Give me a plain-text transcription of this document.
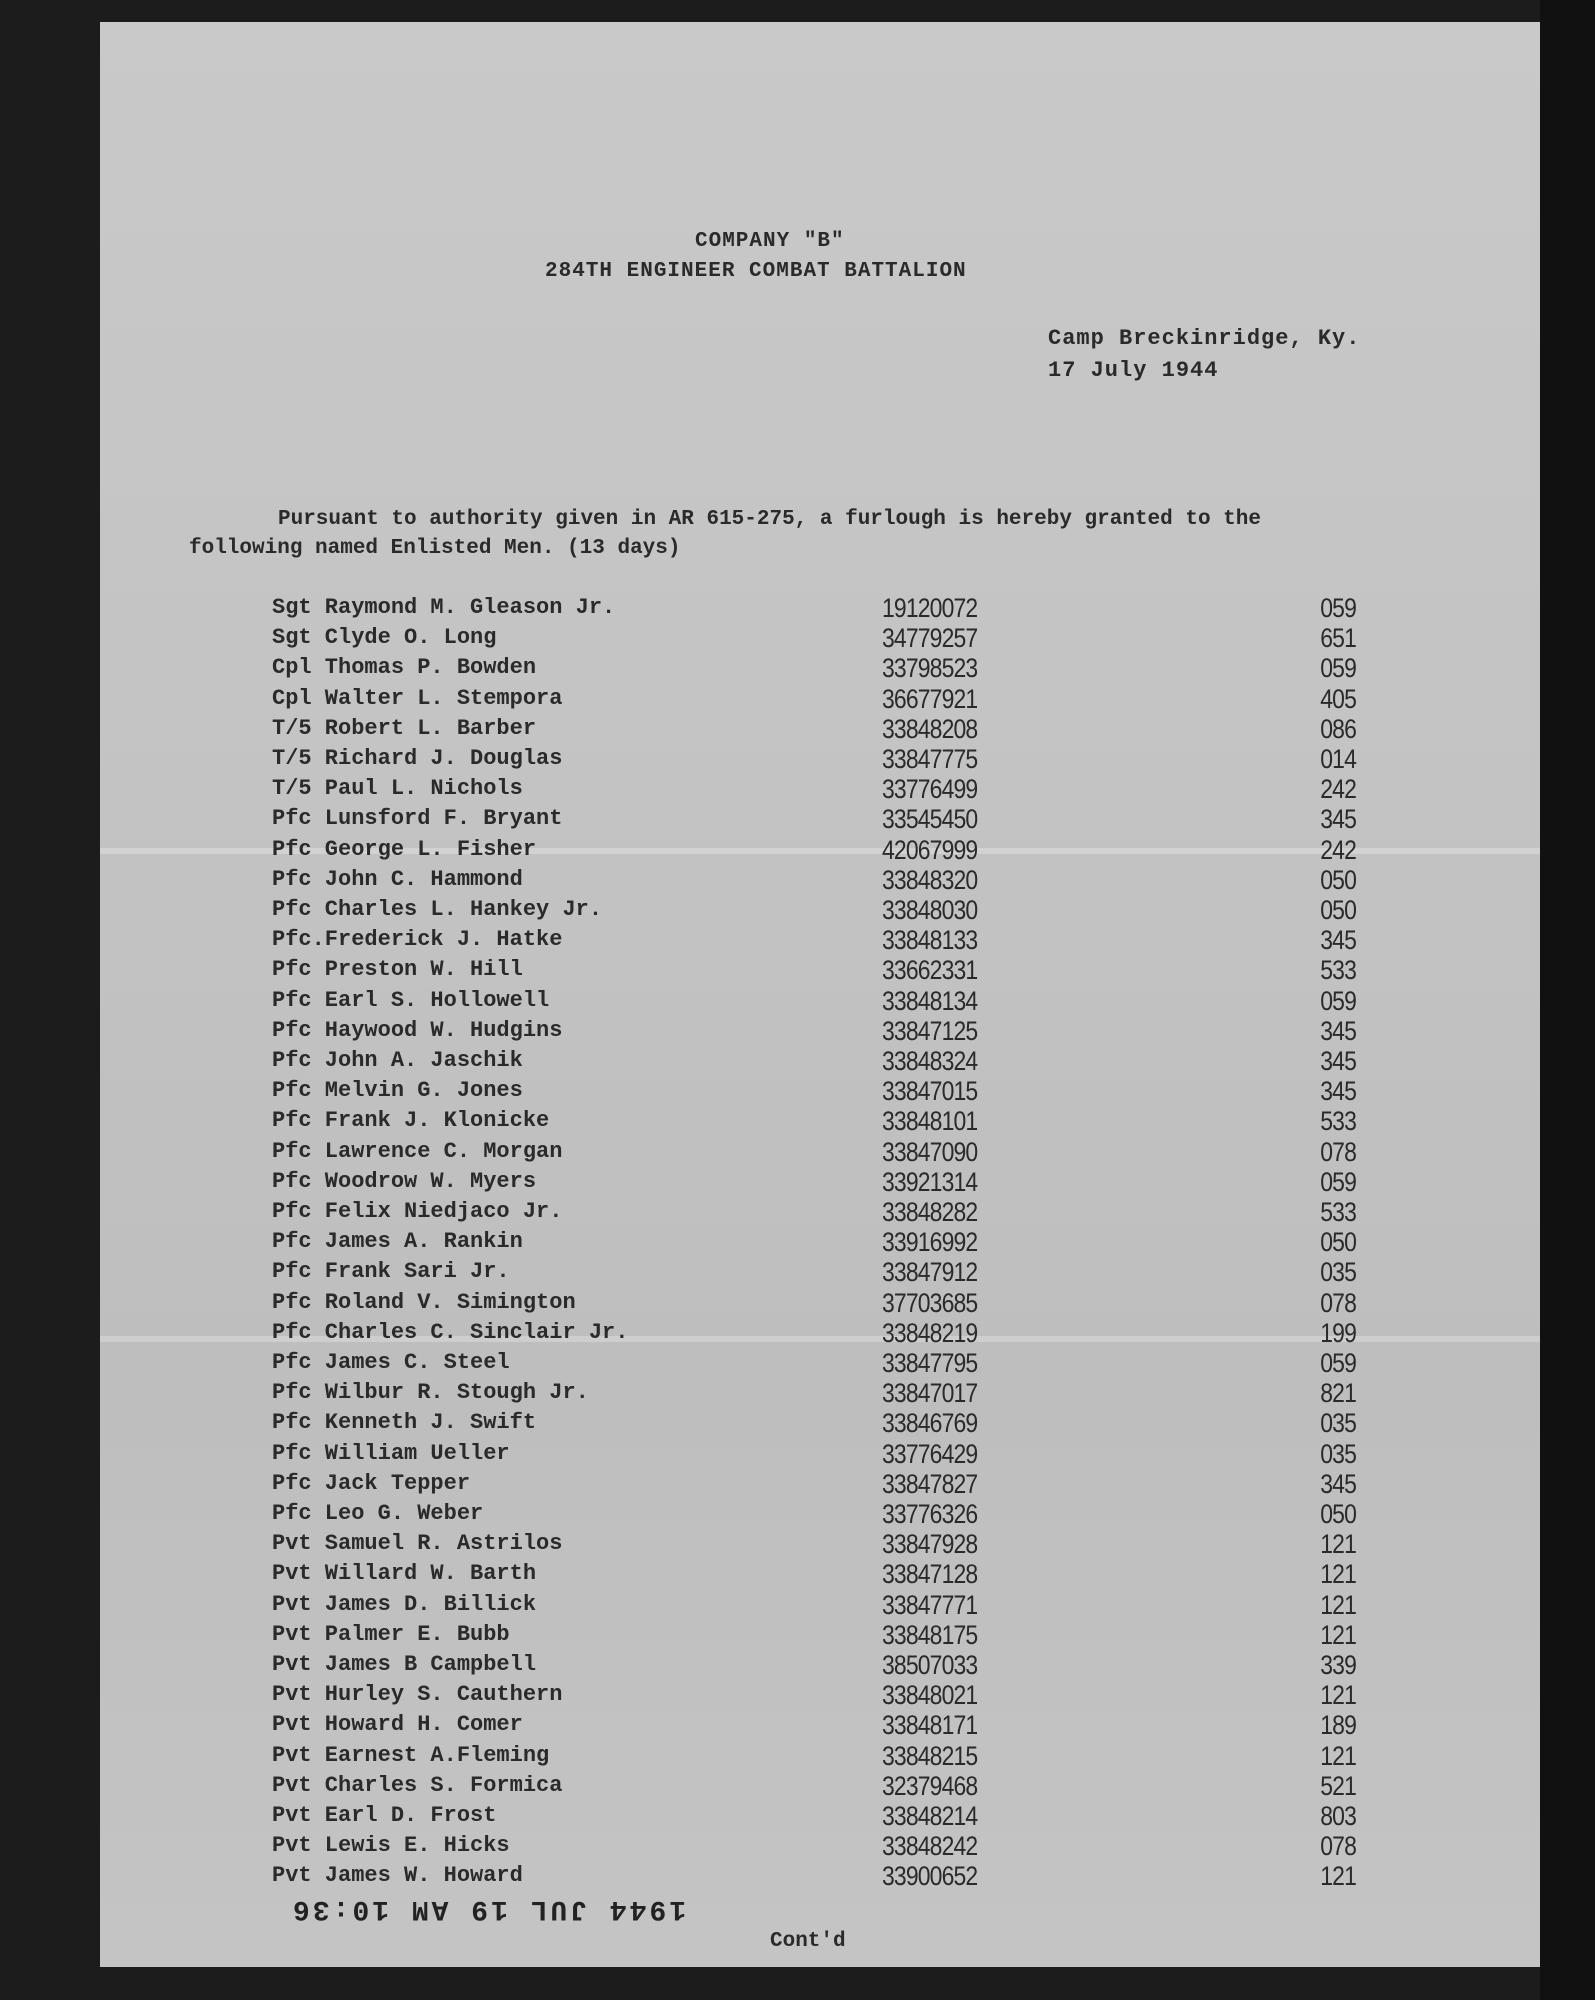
COMPANY "B"
284TH ENGINEER COMBAT BATTALION
Camp Breckinridge, Ky.
17 July 1944
Pursuant to authority given in AR 615-275, a furlough is hereby granted to the
following named Enlisted Men. (13 days)
Sgt Raymond M. Gleason Jr.	19120072	059
Sgt Clyde O. Long	34779257	651
Cpl Thomas P. Bowden	33798523	059
Cpl Walter L. Stempora	36677921	405
T/5 Robert L. Barber	33848208	086
T/5 Richard J. Douglas	33847775	014
T/5 Paul L. Nichols	33776499	242
Pfc Lunsford F. Bryant	33545450	345
Pfc George L. Fisher	42067999	242
Pfc John C. Hammond	33848320	050
Pfc Charles L. Hankey Jr.	33848030	050
Pfc.Frederick J. Hatke	33848133	345
Pfc Preston W. Hill	33662331	533
Pfc Earl S. Hollowell	33848134	059
Pfc Haywood W. Hudgins	33847125	345
Pfc John A. Jaschik	33848324	345
Pfc Melvin G. Jones	33847015	345
Pfc Frank J. Klonicke	33848101	533
Pfc Lawrence C. Morgan	33847090	078
Pfc Woodrow W. Myers	33921314	059
Pfc Felix Niedjaco Jr.	33848282	533
Pfc James A. Rankin	33916992	050
Pfc Frank Sari Jr.	33847912	035
Pfc Roland V. Simington	37703685	078
Pfc Charles C. Sinclair Jr.	33848219	199
Pfc James C. Steel	33847795	059
Pfc Wilbur R. Stough Jr.	33847017	821
Pfc Kenneth J. Swift	33846769	035
Pfc William Ueller	33776429	035
Pfc Jack Tepper	33847827	345
Pfc Leo G. Weber	33776326	050
Pvt Samuel R. Astrilos	33847928	121
Pvt Willard W. Barth	33847128	121
Pvt James D. Billick	33847771	121
Pvt Palmer E. Bubb	33848175	121
Pvt James B Campbell	38507033	339
Pvt Hurley S. Cauthern	33848021	121
Pvt Howard H. Comer	33848171	189
Pvt Earnest A.Fleming	33848215	121
Pvt Charles S. Formica	32379468	521
Pvt Earl D. Frost	33848214	803
Pvt Lewis E. Hicks	33848242	078
Pvt James W. Howard	33900652	121
1944 JUL 19 AM 10:36
Cont'd
